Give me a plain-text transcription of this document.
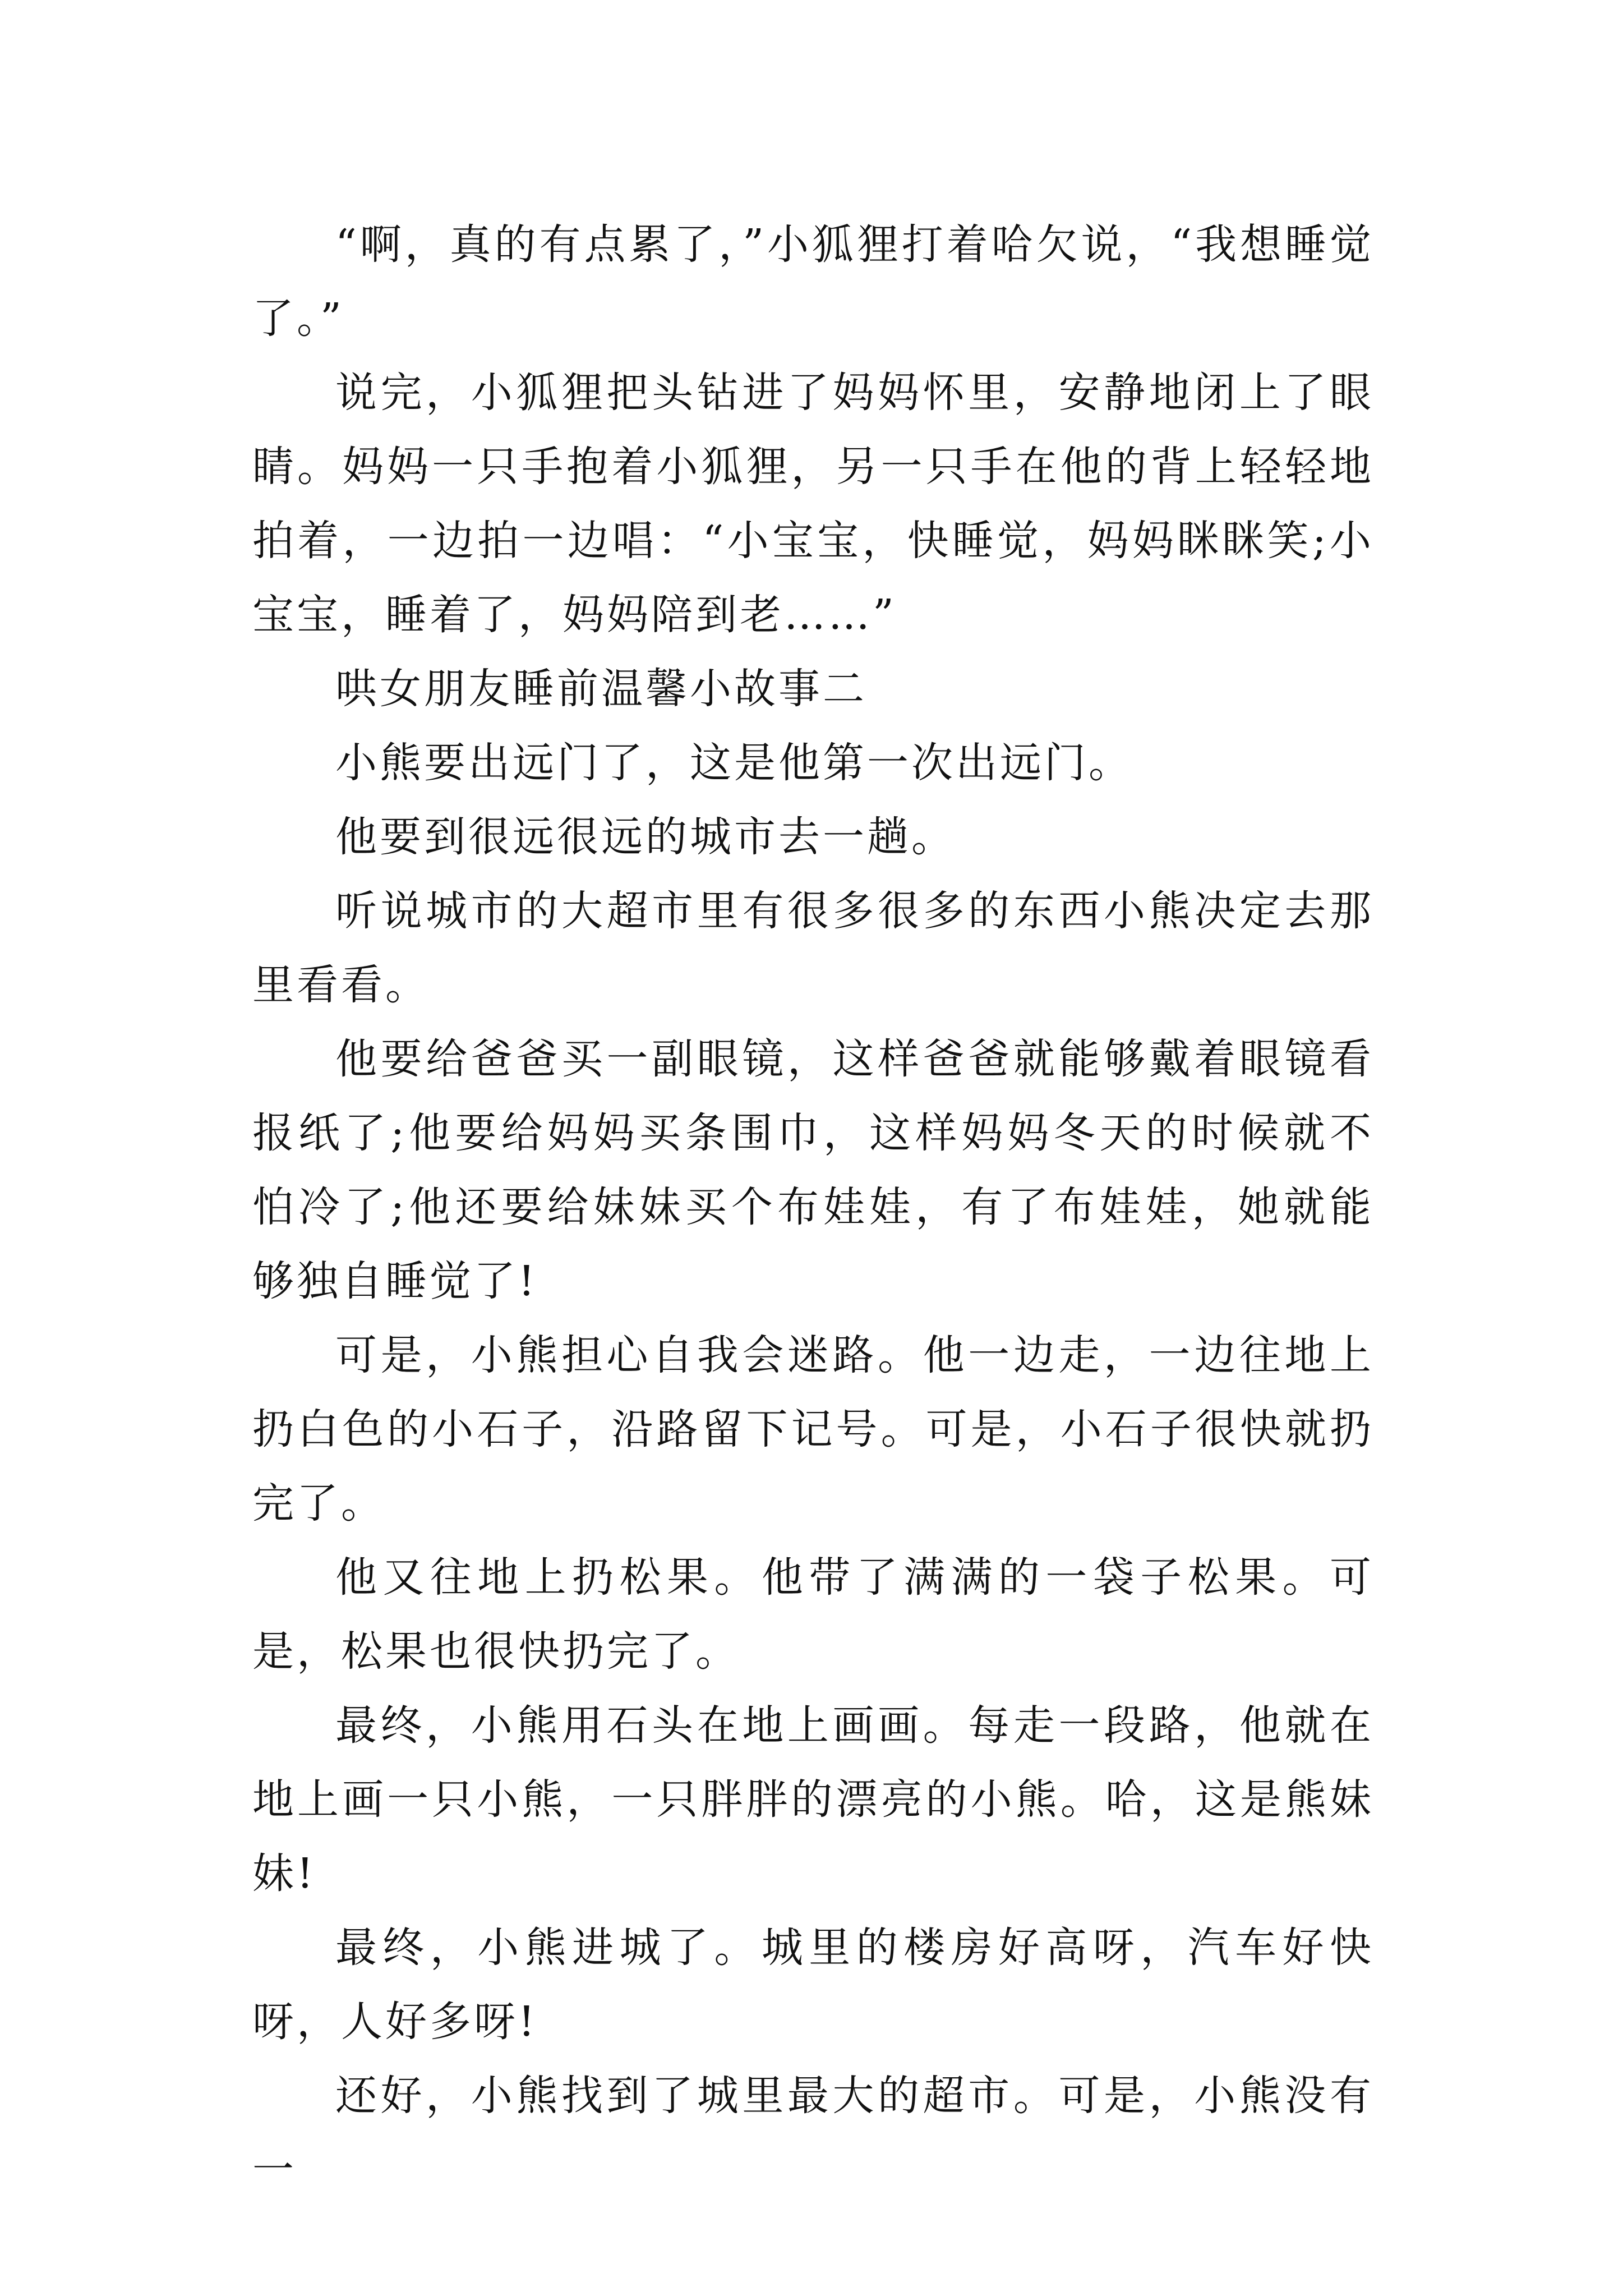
“啊，真的有点累了，”小狐狸打着哈欠说，“我想睡觉了。”

说完，小狐狸把头钻进了妈妈怀里，安静地闭上了眼睛。妈妈一只手抱着小狐狸，另一只手在他的背上轻轻地拍着，一边拍一边唱：“小宝宝，快睡觉，妈妈眯眯笑;小宝宝，睡着了，妈妈陪到老……”

哄女朋友睡前温馨小故事二

小熊要出远门了，这是他第一次出远门。

他要到很远很远的城市去一趟。

听说城市的大超市里有很多很多的东西小熊决定去那里看看。

他要给爸爸买一副眼镜，这样爸爸就能够戴着眼镜看报纸了;他要给妈妈买条围巾，这样妈妈冬天的时候就不怕冷了;他还要给妹妹买个布娃娃，有了布娃娃，她就能够独自睡觉了!

可是，小熊担心自我会迷路。他一边走，一边往地上扔白色的小石子，沿路留下记号。可是，小石子很快就扔完了。

他又往地上扔松果。他带了满满的一袋子松果。可是，松果也很快扔完了。

最终，小熊用石头在地上画画。每走一段路，他就在地上画一只小熊，一只胖胖的漂亮的小熊。哈，这是熊妹妹!

最终，小熊进城了。城里的楼房好高呀，汽车好快呀，人好多呀!

还好，小熊找到了城里最大的超市。可是，小熊没有一
